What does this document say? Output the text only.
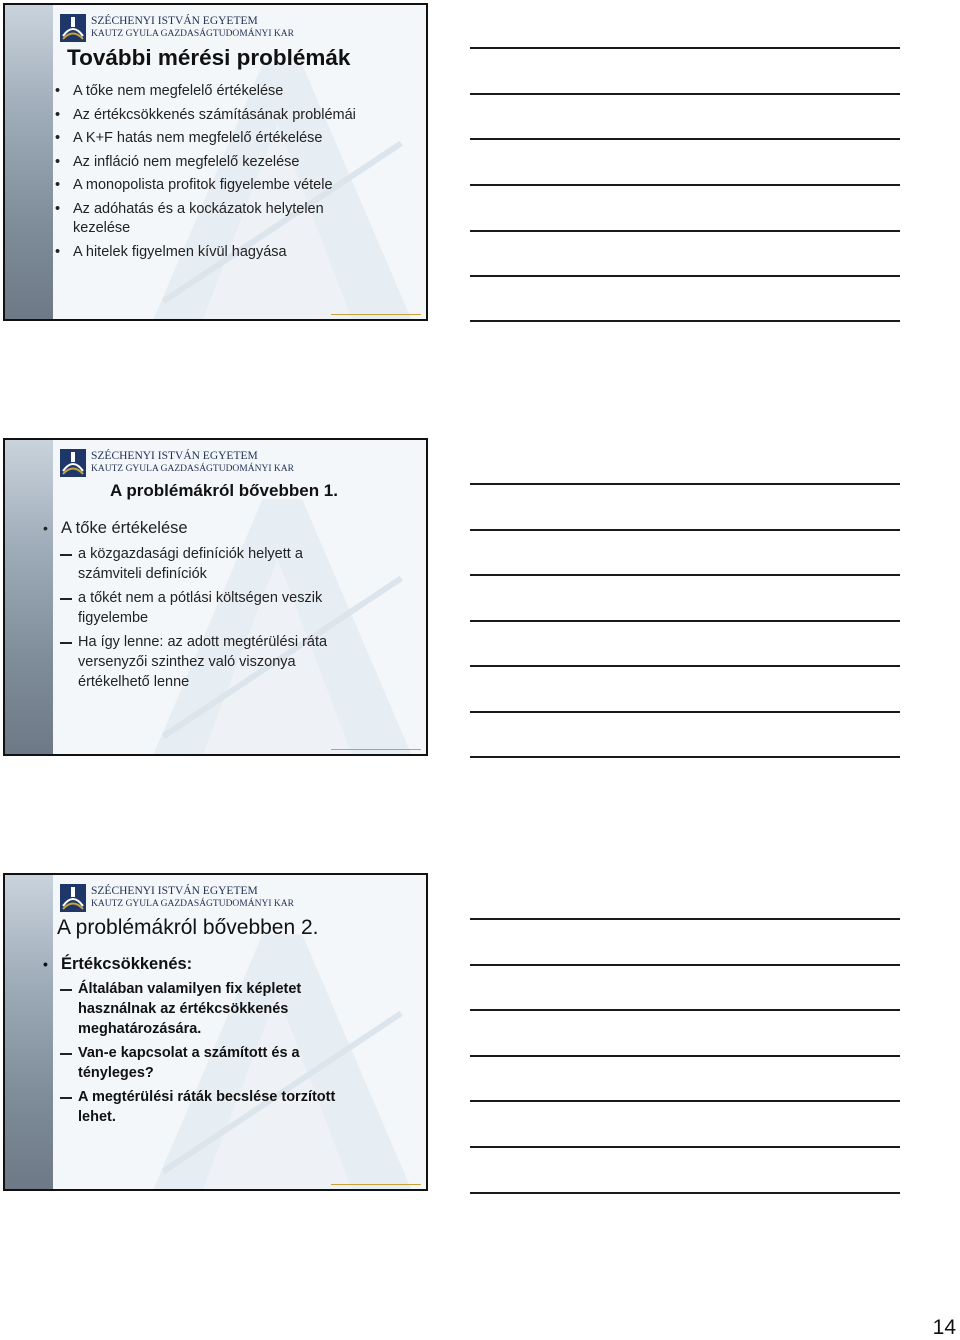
SZÉCHENYI ISTVÁN EGYETEM
KAUTZ GYULA GAZDASÁGTUDOMÁNYI KAR
További mérési problémák
• A tőke nem megfelelő értékelése
• Az értékcsökkenés számításának problémái
• A K+F hatás nem megfelelő értékelése
• Az infláció nem megfelelő kezelése
• A monopolista profitok figyelembe vétele
• Az adóhatás és a kockázatok helytelen kezelése
• A hitelek figyelmen kívül hagyása
SZÉCHENYI ISTVÁN EGYETEM
KAUTZ GYULA GAZDASÁGTUDOMÁNYI KAR
A problémákról bővebben 1.
• A tőke értékelése
a közgazdasági definíciók helyett a számviteli definíciók
a tőkét nem a pótlási költségen veszik figyelembe
Ha így lenne: az adott megtérülési ráta versenyzői szinthez való viszonya értékelhető lenne
SZÉCHENYI ISTVÁN EGYETEM
KAUTZ GYULA GAZDASÁGTUDOMÁNYI KAR
A problémákról bővebben 2.
• Értékcsökkenés:
Általában valamilyen fix képletet használnak az értékcsökkenés meghatározására.
Van-e kapcsolat a számított és a tényleges?
A megtérülési ráták becslése torzított lehet.
14
